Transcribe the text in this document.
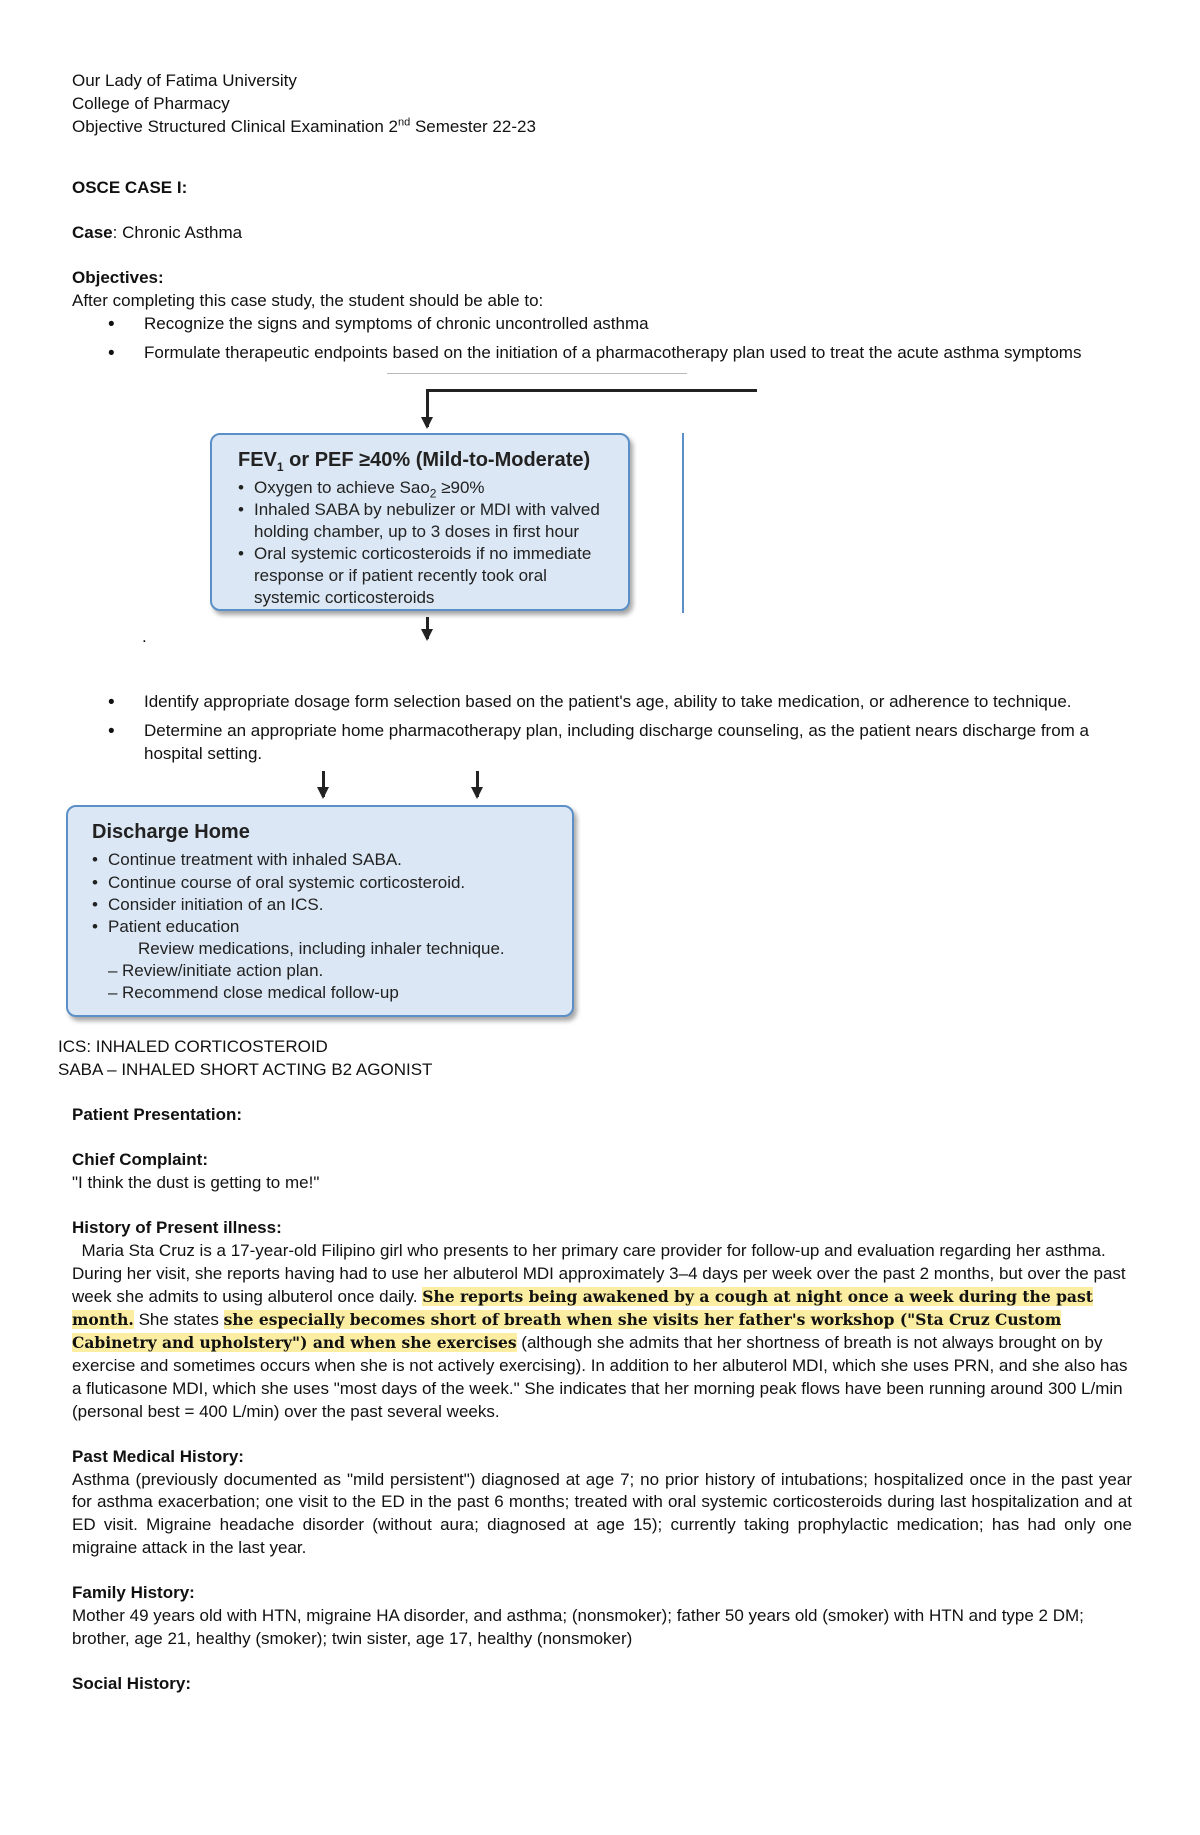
Our Lady of Fatima University
College of Pharmacy
Objective Structured Clinical Examination 2nd Semester 22-23
OSCE CASE I:
Case: Chronic Asthma
Objectives:
After completing this case study, the student should be able to:
• Recognize the signs and symptoms of chronic uncontrolled asthma
• Formulate therapeutic endpoints based on the initiation of a pharmacotherapy plan used to treat the acute asthma symptoms
$FEV_1$ or PEF ≥40% (Mild-to-Moderate)
• Oxygen to achieve Sao$_2$ ≥90%
• Inhaled SABA by nebulizer or MDI with valved holding chamber, up to 3 doses in first hour
• Oral systemic corticosteroids if no immediate response or if patient recently took oral systemic corticosteroids
.
• Identify appropriate dosage form selection based on the patient's age, ability to take medication, or adherence to technique.
• Determine an appropriate home pharmacotherapy plan, including discharge counseling, as the patient nears discharge from a hospital setting.
Discharge Home
• Continue treatment with inhaled SABA.
• Continue course of oral systemic corticosteroid.
• Consider initiation of an ICS.
• Patient education
Review medications, including inhaler technique.
– Review/initiate action plan.
– Recommend close medical follow-up
ICS: INHALED CORTICOSTEROID
SABA – INHALED SHORT ACTING B2 AGONIST
Patient Presentation:
Chief Complaint:
"I think the dust is getting to me!"
History of Present illness:
Maria Sta Cruz is a 17-year-old Filipino girl who presents to her primary care provider for follow-up and evaluation regarding her asthma. During her visit, she reports having had to use her albuterol MDI approximately 3–4 days per week over the past 2 months, but over the past week she admits to using albuterol once daily. She reports being awakened by a cough at night once a week during the past month. She states she especially becomes short of breath when she visits her father's workshop ("Sta Cruz Custom Cabinetry and upholstery") and when she exercises (although she admits that her shortness of breath is not always brought on by exercise and sometimes occurs when she is not actively exercising). In addition to her albuterol MDI, which she uses PRN, and she also has a fluticasone MDI, which she uses "most days of the week." She indicates that her morning peak flows have been running around 300 L/min (personal best = 400 L/min) over the past several weeks.
Past Medical History:
Asthma (previously documented as "mild persistent") diagnosed at age 7; no prior history of intubations; hospitalized once in the past year for asthma exacerbation; one visit to the ED in the past 6 months; treated with oral systemic corticosteroids during last hospitalization and at ED visit. Migraine headache disorder (without aura; diagnosed at age 15); currently taking prophylactic medication; has had only one migraine attack in the last year.
Family History:
Mother 49 years old with HTN, migraine HA disorder, and asthma; (nonsmoker); father 50 years old (smoker) with HTN and type 2 DM; brother, age 21, healthy (smoker); twin sister, age 17, healthy (nonsmoker)
Social History:
